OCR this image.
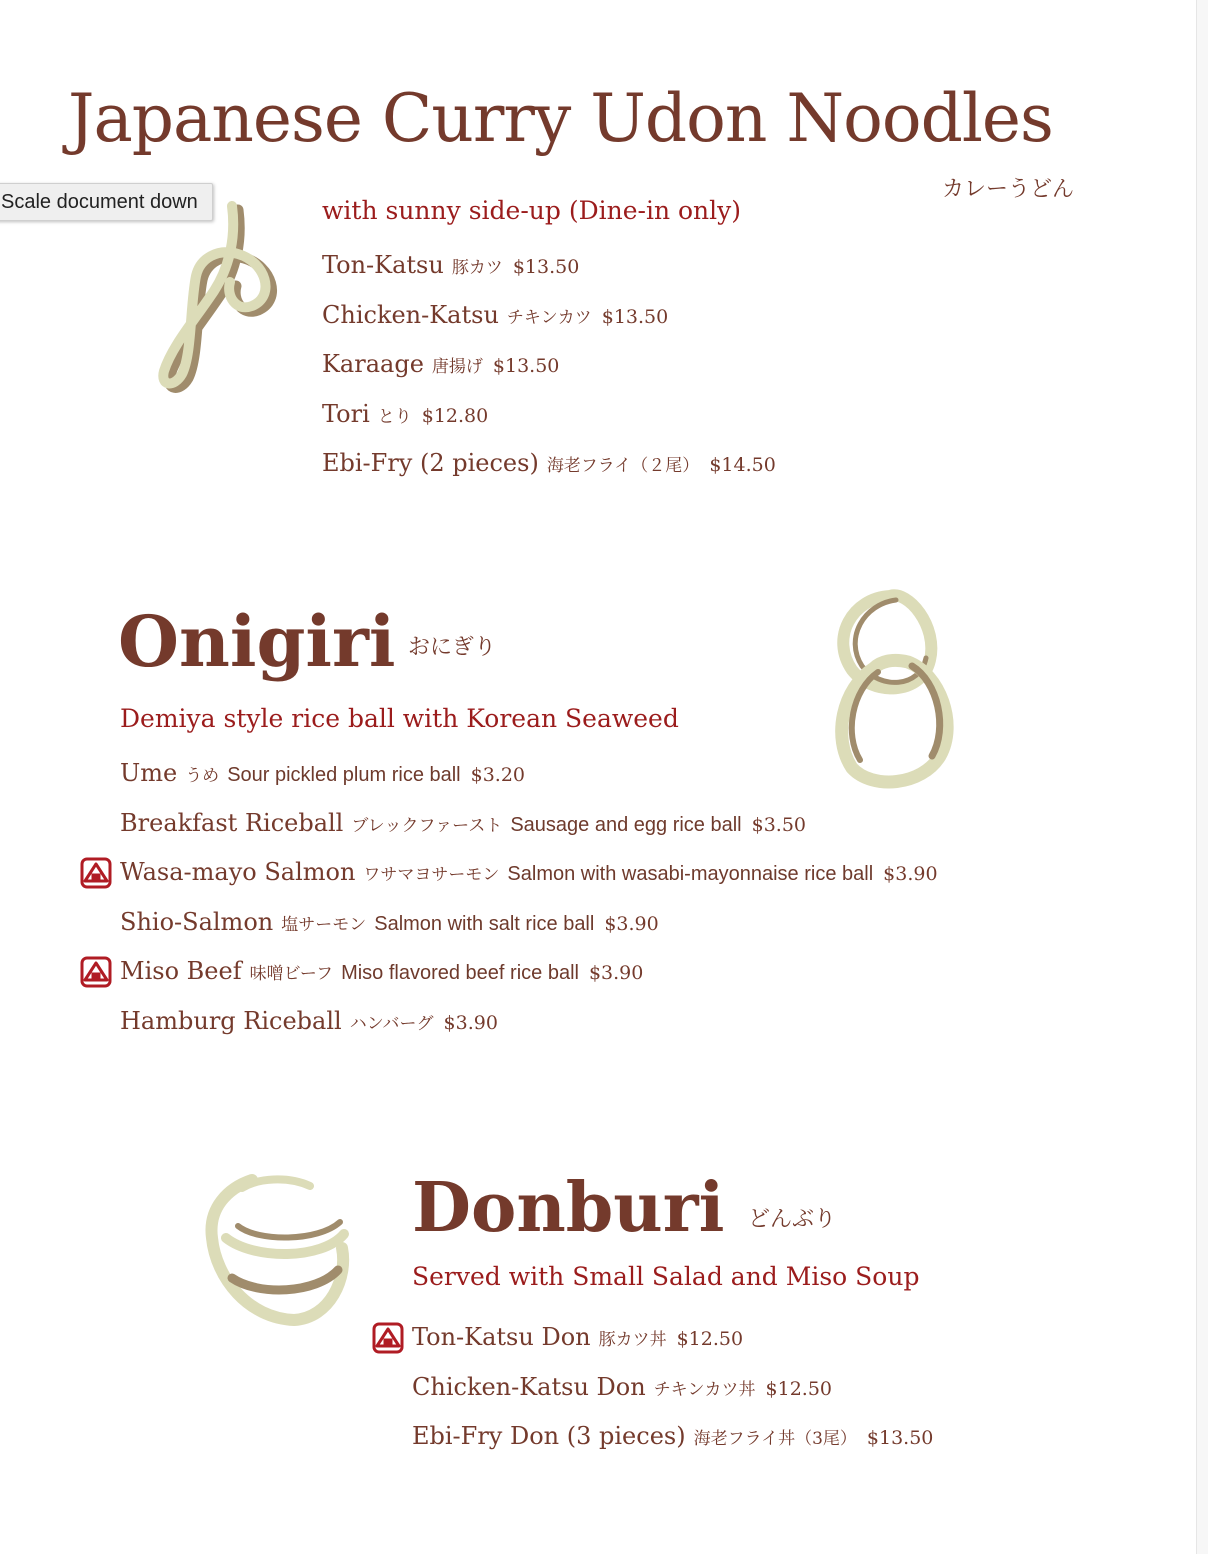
Japanese Curry Udon Noodles
カレーうどん
with sunny side-up (Dine-in only)
Ton-Katsu 豚カツ $13.50
Chicken-Katsu チキンカツ $13.50
Karaage 唐揚げ $13.50
Tori とり $12.80
Ebi-Fry (2 pieces) 海老フライ（２尾） $14.50
Onigiri おにぎり
Demiya style rice ball with Korean Seaweed
Ume うめ Sour pickled plum rice ball $3.20
Breakfast Riceball ブレックファースト Sausage and egg rice ball $3.50
Wasa-mayo Salmon ワサマヨサーモン Salmon with wasabi-mayonnaise rice ball $3.90
Shio-Salmon 塩サーモン Salmon with salt rice ball $3.90
Miso Beef 味噌ビーフ Miso flavored beef rice ball $3.90
Hamburg Riceball ハンバーグ $3.90
Donburi どんぶり
Served with Small Salad and Miso Soup
Ton-Katsu Don 豚カツ丼 $12.50
Chicken-Katsu Don チキンカツ丼 $12.50
Ebi-Fry Don (3 pieces) 海老フライ丼（3尾） $13.50
Scale document down
